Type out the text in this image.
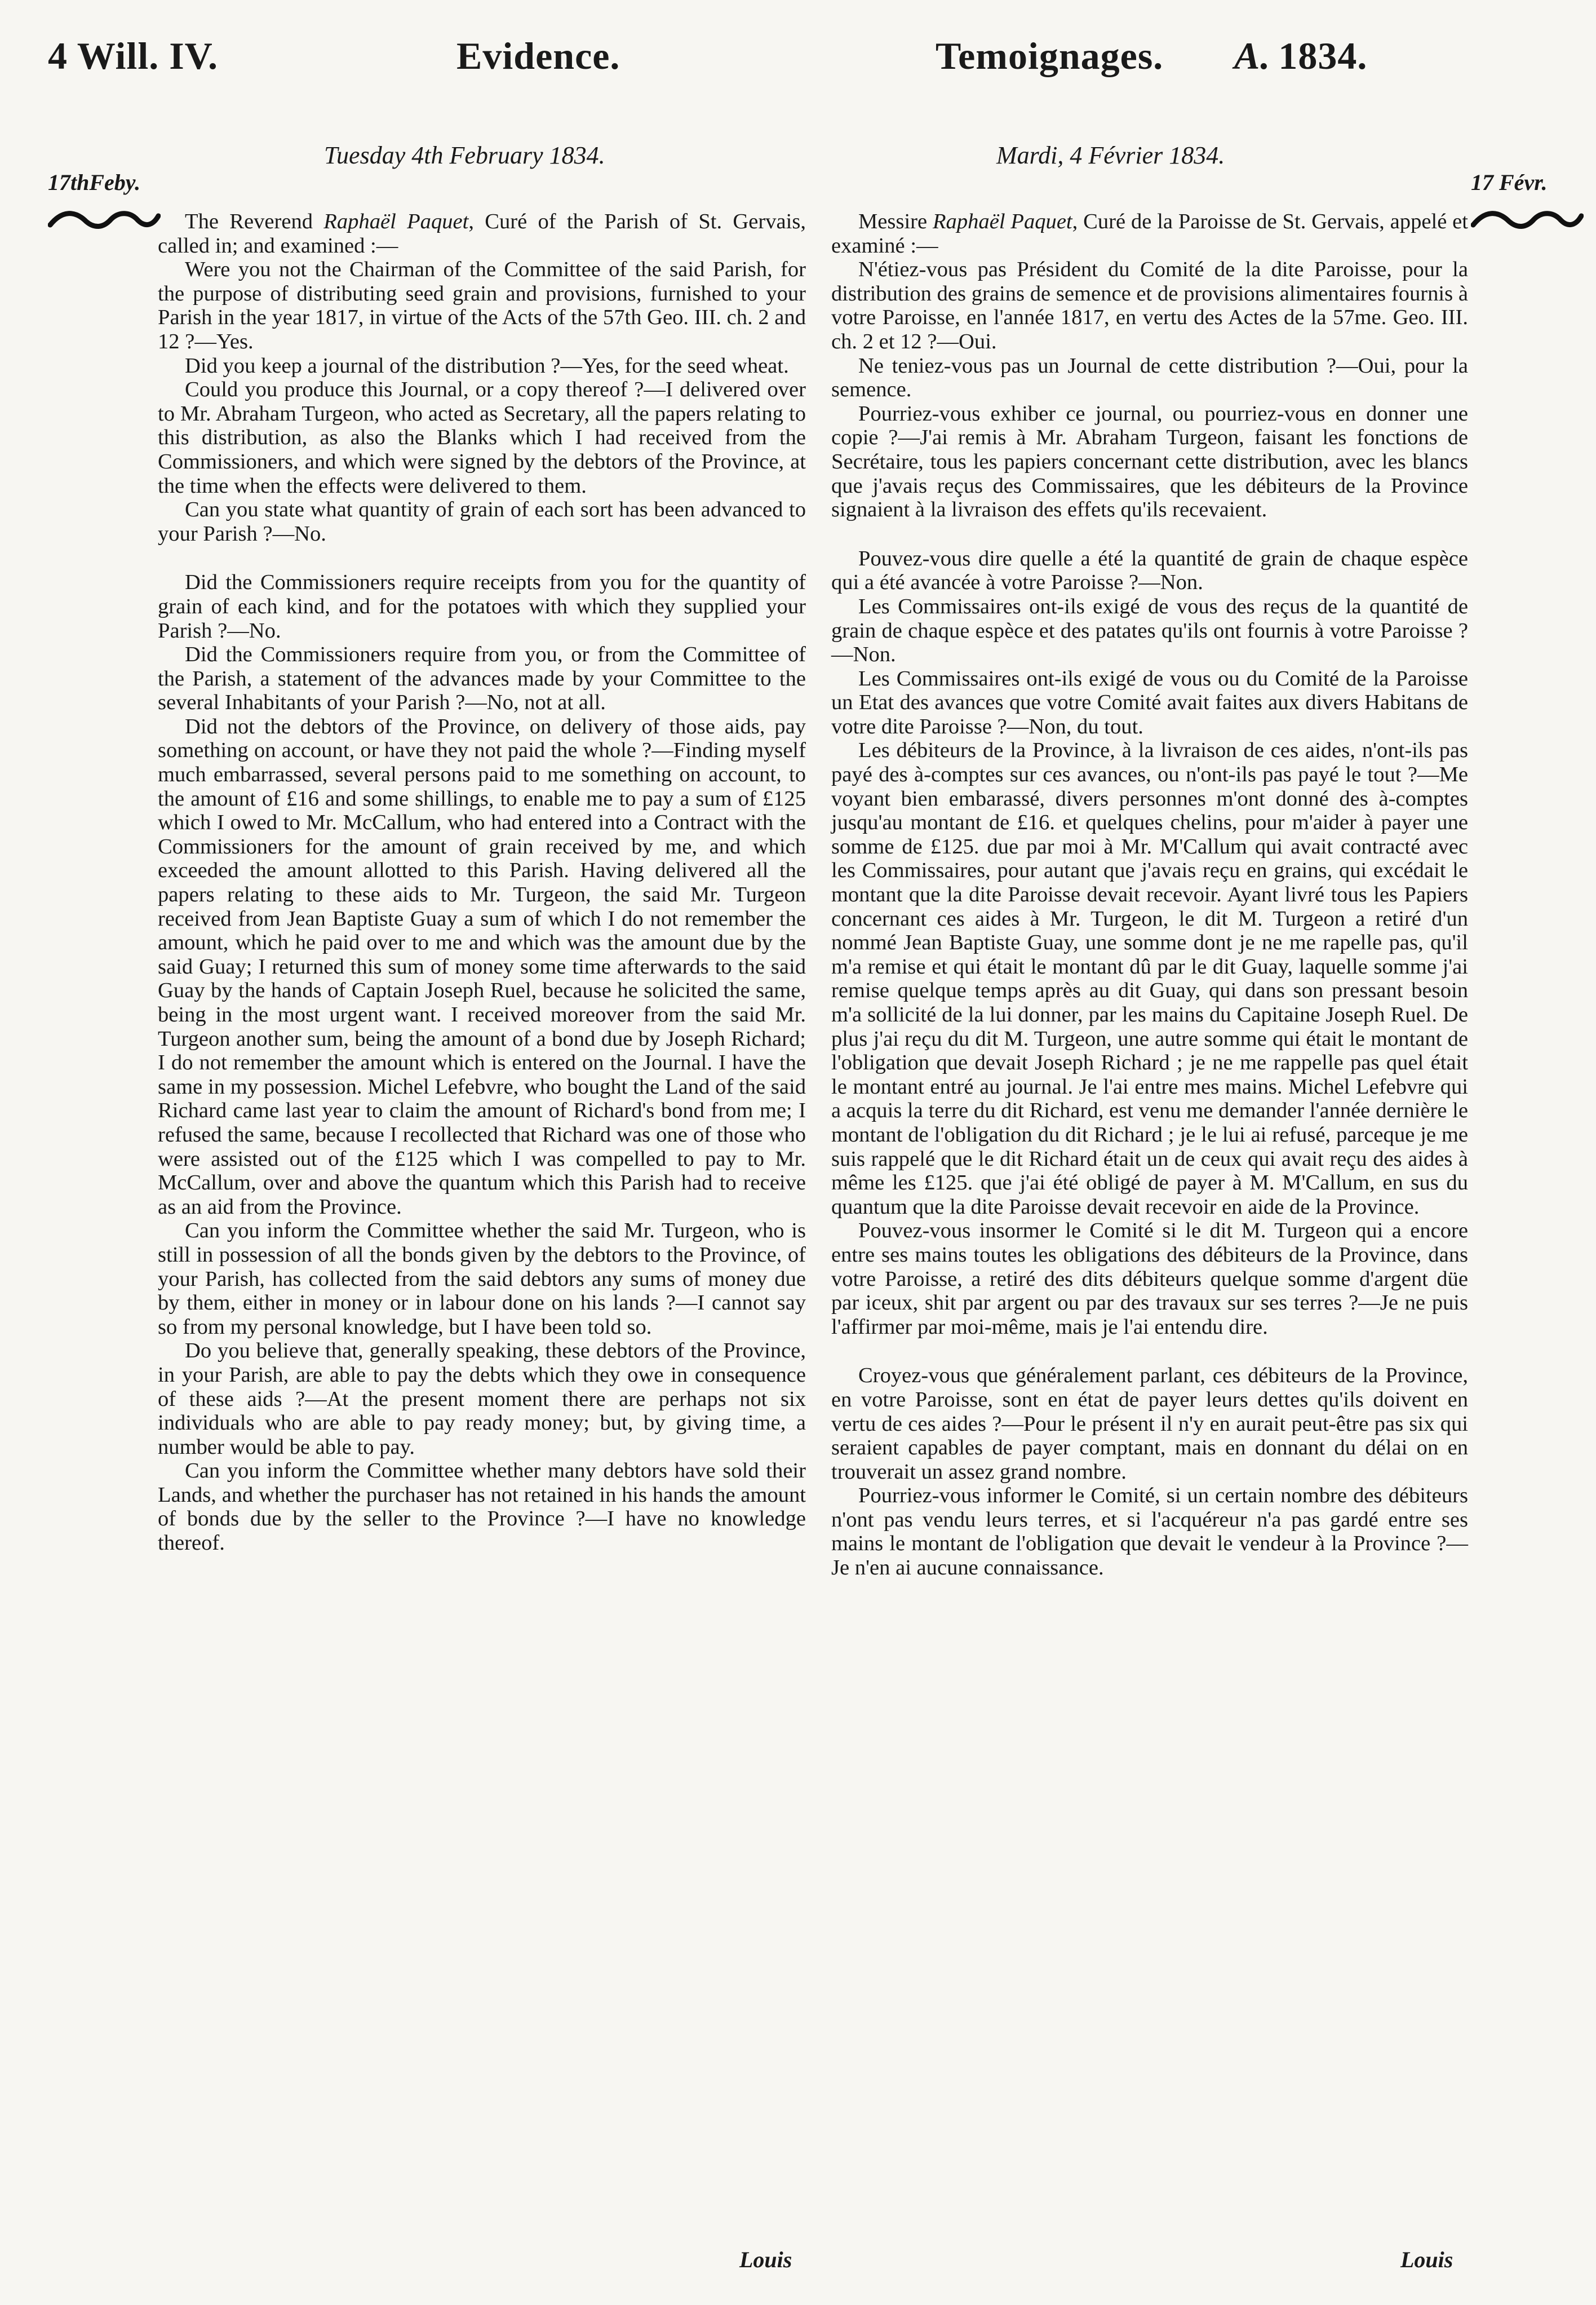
4 Will. IV.	Evidence.	Temoignages. A. 1834.
17thFeby.	17 Févr.
Tuesday 4th February 1834.	Mardi, 4 Février 1834.

The Reverend Raphaël Paquet, Curé of the Parish of St. Gervais, called in; and examined :—

Were you not the Chairman of the Committee of the said Parish, for the purpose of distributing seed grain and provisions, furnished to your Parish in the year 1817, in virtue of the Acts of the 57th Geo. III. ch. 2 and 12 ?—Yes.

Did you keep a journal of the distribution ?—Yes, for the seed wheat.

Could you produce this Journal, or a copy thereof ?—I delivered over to Mr. Abraham Turgeon, who acted as Secretary, all the papers relating to this distribution, as also the Blanks which I had received from the Commissioners, and which were signed by the debtors of the Province, at the time when the effects were delivered to them.

Can you state what quantity of grain of each sort has been advanced to your Parish ?—No.

Did the Commissioners require receipts from you for the quantity of grain of each kind, and for the potatoes with which they supplied your Parish ?—No.

Did the Commissioners require from you, or from the Committee of the Parish, a statement of the advances made by your Committee to the several Inhabitants of your Parish ?—No, not at all.

Did not the debtors of the Province, on delivery of those aids, pay something on account, or have they not paid the whole ?—Finding myself much embarrassed, several persons paid to me something on account, to the amount of £16 and some shillings, to enable me to pay a sum of £125 which I owed to Mr. McCallum, who had entered into a Contract with the Commissioners for the amount of grain received by me, and which exceeded the amount allotted to this Parish. Having delivered all the papers relating to these aids to Mr. Turgeon, the said Mr. Turgeon received from Jean Baptiste Guay a sum of which I do not remember the amount, which he paid over to me and which was the amount due by the said Guay; I returned this sum of money some time afterwards to the said Guay by the hands of Captain Joseph Ruel, because he solicited the same, being in the most urgent want. I received moreover from the said Mr. Turgeon another sum, being the amount of a bond due by Joseph Richard; I do not remember the amount which is entered on the Journal. I have the same in my possession. Michel Lefebvre, who bought the Land of the said Richard came last year to claim the amount of Richard's bond from me; I refused the same, because I recollected that Richard was one of those who were assisted out of the £125 which I was compelled to pay to Mr. McCallum, over and above the quantum which this Parish had to receive as an aid from the Province.

Can you inform the Committee whether the said Mr. Turgeon, who is still in possession of all the bonds given by the debtors to the Province, of your Parish, has collected from the said debtors any sums of money due by them, either in money or in labour done on his lands ?—I cannot say so from my personal knowledge, but I have been told so.

Do you believe that, generally speaking, these debtors of the Province, in your Parish, are able to pay the debts which they owe in consequence of these aids ?—At the present moment there are perhaps not six individuals who are able to pay ready money; but, by giving time, a number would be able to pay.

Can you inform the Committee whether many debtors have sold their Lands, and whether the purchaser has not retained in his hands the amount of bonds due by the seller to the Province ?—I have no knowledge thereof.

Messire Raphaël Paquet, Curé de la Paroisse de St. Gervais, appelé et examiné :—

N'étiez-vous pas Président du Comité de la dite Paroisse, pour la distribution des grains de semence et de provisions alimentaires fournis à votre Paroisse, en l'année 1817, en vertu des Actes de la 57me. Geo. III. ch. 2 et 12 ?—Oui.

Ne teniez-vous pas un Journal de cette distribution ?—Oui, pour la semence.

Pourriez-vous exhiber ce journal, ou pourriez-vous en donner une copie ?—J'ai remis à Mr. Abraham Turgeon, faisant les fonctions de Secrétaire, tous les papiers concernant cette distribution, avec les blancs que j'avais reçus des Commissaires, que les débiteurs de la Province signaient à la livraison des effets qu'ils recevaient.

Pouvez-vous dire quelle a été la quantité de grain de chaque espèce qui a été avancée à votre Paroisse ?—Non.

Les Commissaires ont-ils exigé de vous des reçus de la quantité de grain de chaque espèce et des patates qu'ils ont fournis à votre Paroisse ?—Non.

Les Commissaires ont-ils exigé de vous ou du Comité de la Paroisse un Etat des avances que votre Comité avait faites aux divers Habitans de votre dite Paroisse ?—Non, du tout.

Les débiteurs de la Province, à la livraison de ces aides, n'ont-ils pas payé des à-comptes sur ces avances, ou n'ont-ils pas payé le tout ?—Me voyant bien embarassé, divers personnes m'ont donné des à-comptes jusqu'au montant de £16. et quelques chelins, pour m'aider à payer une somme de £125. due par moi à Mr. M'Callum qui avait contracté avec les Commissaires, pour autant que j'avais reçu en grains, qui excédait le montant que la dite Paroisse devait recevoir. Ayant livré tous les Papiers concernant ces aides à Mr. Turgeon, le dit M. Turgeon a retiré d'un nommé Jean Baptiste Guay, une somme dont je ne me rapelle pas, qu'il m'a remise et qui était le montant dû par le dit Guay, laquelle somme j'ai remise quelque temps après au dit Guay, qui dans son pressant besoin m'a sollicité de la lui donner, par les mains du Capitaine Joseph Ruel. De plus j'ai reçu du dit M. Turgeon, une autre somme qui était le montant de l'obligation que devait Joseph Richard ; je ne me rappelle pas quel était le montant entré au journal. Je l'ai entre mes mains. Michel Lefebvre qui a acquis la terre du dit Richard, est venu me demander l'année dernière le montant de l'obligation du dit Richard ; je le lui ai refusé, parceque je me suis rappelé que le dit Richard était un de ceux qui avait reçu des aides à même les £125. que j'ai été obligé de payer à M. M'Callum, en sus du quantum que la dite Paroisse devait recevoir en aide de la Province.

Pouvez-vous insormer le Comité si le dit M. Turgeon qui a encore entre ses mains toutes les obligations des débiteurs de la Province, dans votre Paroisse, a retiré des dits débiteurs quelque somme d'argent düe par iceux, shit par argent ou par des travaux sur ses terres ?—Je ne puis l'affirmer par moi-même, mais je l'ai entendu dire.

Croyez-vous que généralement parlant, ces débiteurs de la Province, en votre Paroisse, sont en état de payer leurs dettes qu'ils doivent en vertu de ces aides ?—Pour le présent il n'y en aurait peut-être pas six qui seraient capables de payer comptant, mais en donnant du délai on en trouverait un assez grand nombre.

Pourriez-vous informer le Comité, si un certain nombre des débiteurs n'ont pas vendu leurs terres, et si l'acquéreur n'a pas gardé entre ses mains le montant de l'obligation que devait le vendeur à la Province ?—Je n'en ai aucune connaissance.

Louis	Louis
